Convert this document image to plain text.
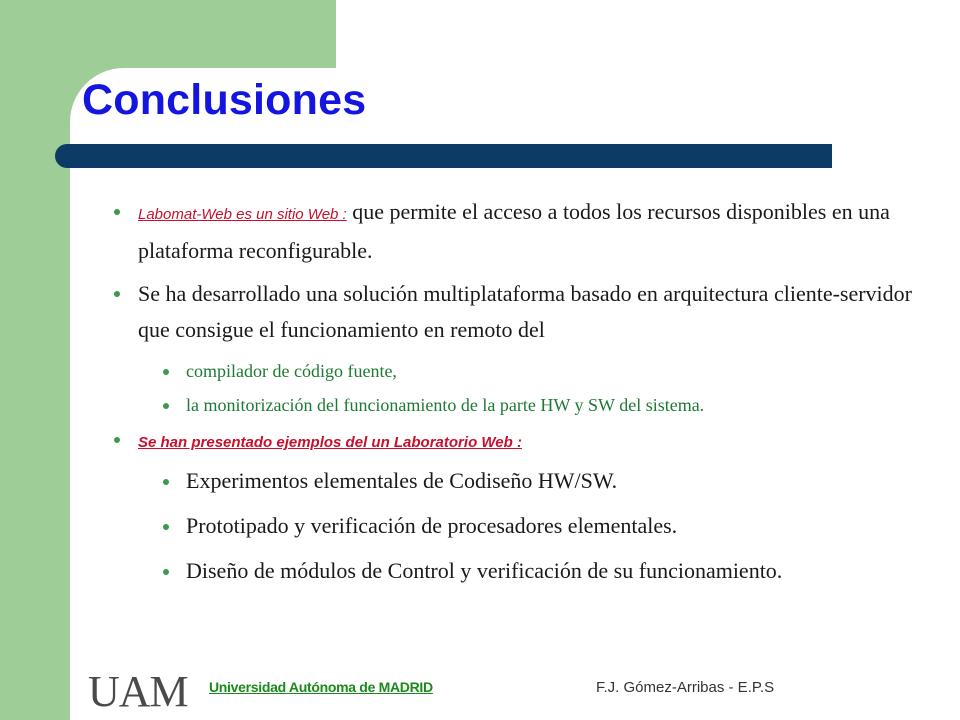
Conclusiones

Labomat-Web es un sitio Web : que permite el acceso a todos los recursos disponibles en una plataforma reconfigurable.

Se ha desarrollado una solución multiplataforma basado en arquitectura cliente-servidor que consigue el funcionamiento en remoto del

compilador de código fuente,

la monitorización del funcionamiento de la parte HW y SW del sistema.

Se han presentado ejemplos del un Laboratorio Web :

Experimentos elementales de Codiseño HW/SW.

Prototipado y verificación de procesadores elementales.

Diseño de módulos de Control y verificación de su funcionamiento.

UAM Universidad Autónoma de MADRID	F.J. Gómez-Arribas - E.P.S
